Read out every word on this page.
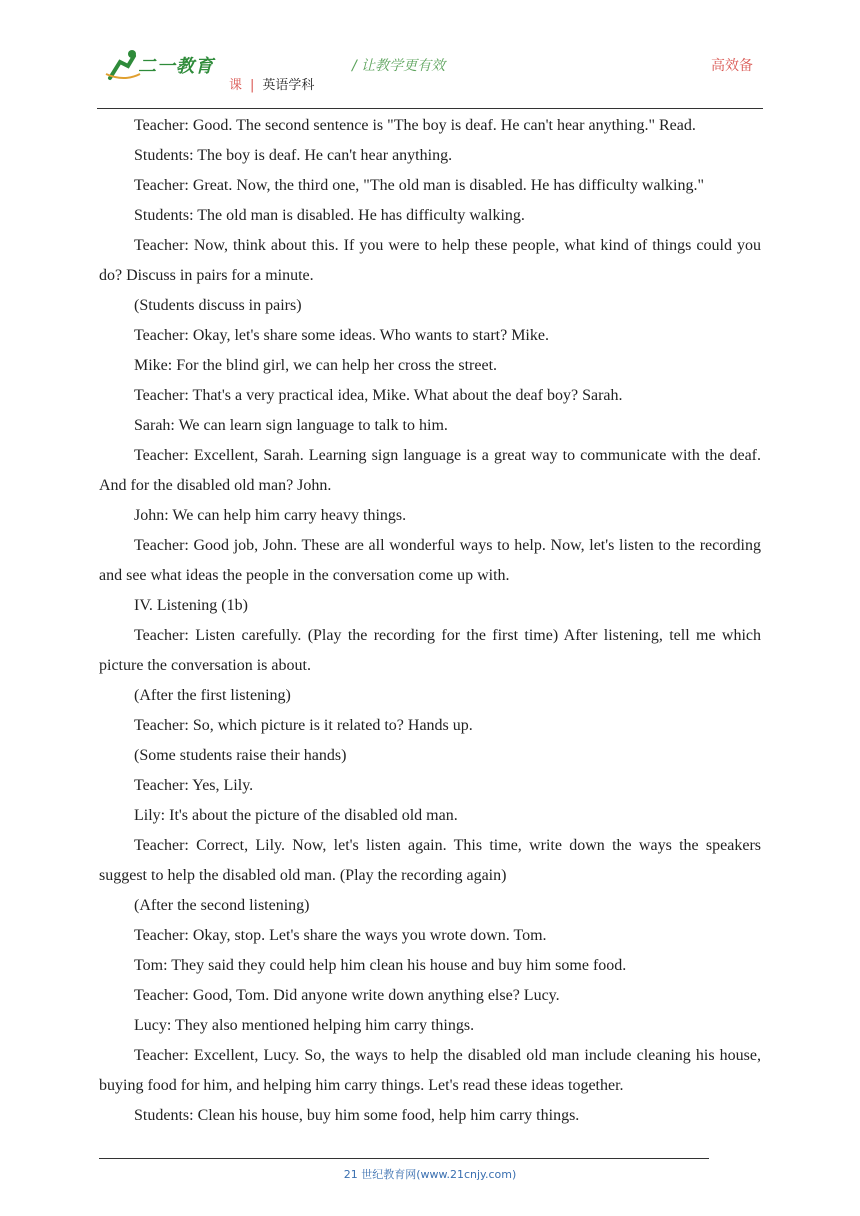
二一教育	/ 让教学更有效	高效备
课 | 英语学科

Teacher: Good. The second sentence is "The boy is deaf. He can't hear anything." Read.

Students: The boy is deaf. He can't hear anything.

Teacher: Great. Now, the third one, "The old man is disabled. He has difficulty walking."

Students: The old man is disabled. He has difficulty walking.

Teacher: Now, think about this. If you were to help these people, what kind of things could you do? Discuss in pairs for a minute.

(Students discuss in pairs)

Teacher: Okay, let's share some ideas. Who wants to start? Mike.

Mike: For the blind girl, we can help her cross the street.

Teacher: That's a very practical idea, Mike. What about the deaf boy? Sarah.

Sarah: We can learn sign language to talk to him.

Teacher: Excellent, Sarah. Learning sign language is a great way to communicate with the deaf. And for the disabled old man? John.

John: We can help him carry heavy things.

Teacher: Good job, John. These are all wonderful ways to help. Now, let's listen to the recording and see what ideas the people in the conversation come up with.

IV. Listening (1b)

Teacher: Listen carefully. (Play the recording for the first time) After listening, tell me which picture the conversation is about.

(After the first listening)

Teacher: So, which picture is it related to? Hands up.

(Some students raise their hands)

Teacher: Yes, Lily.

Lily: It's about the picture of the disabled old man.

Teacher: Correct, Lily. Now, let's listen again. This time, write down the ways the speakers suggest to help the disabled old man. (Play the recording again)

(After the second listening)

Teacher: Okay, stop. Let's share the ways you wrote down. Tom.

Tom: They said they could help him clean his house and buy him some food.

Teacher: Good, Tom. Did anyone write down anything else? Lucy.

Lucy: They also mentioned helping him carry things.

Teacher: Excellent, Lucy. So, the ways to help the disabled old man include cleaning his house, buying food for him, and helping him carry things. Let's read these ideas together.

Students: Clean his house, buy him some food, help him carry things.

21 世纪教育网(www.21cnjy.com)
